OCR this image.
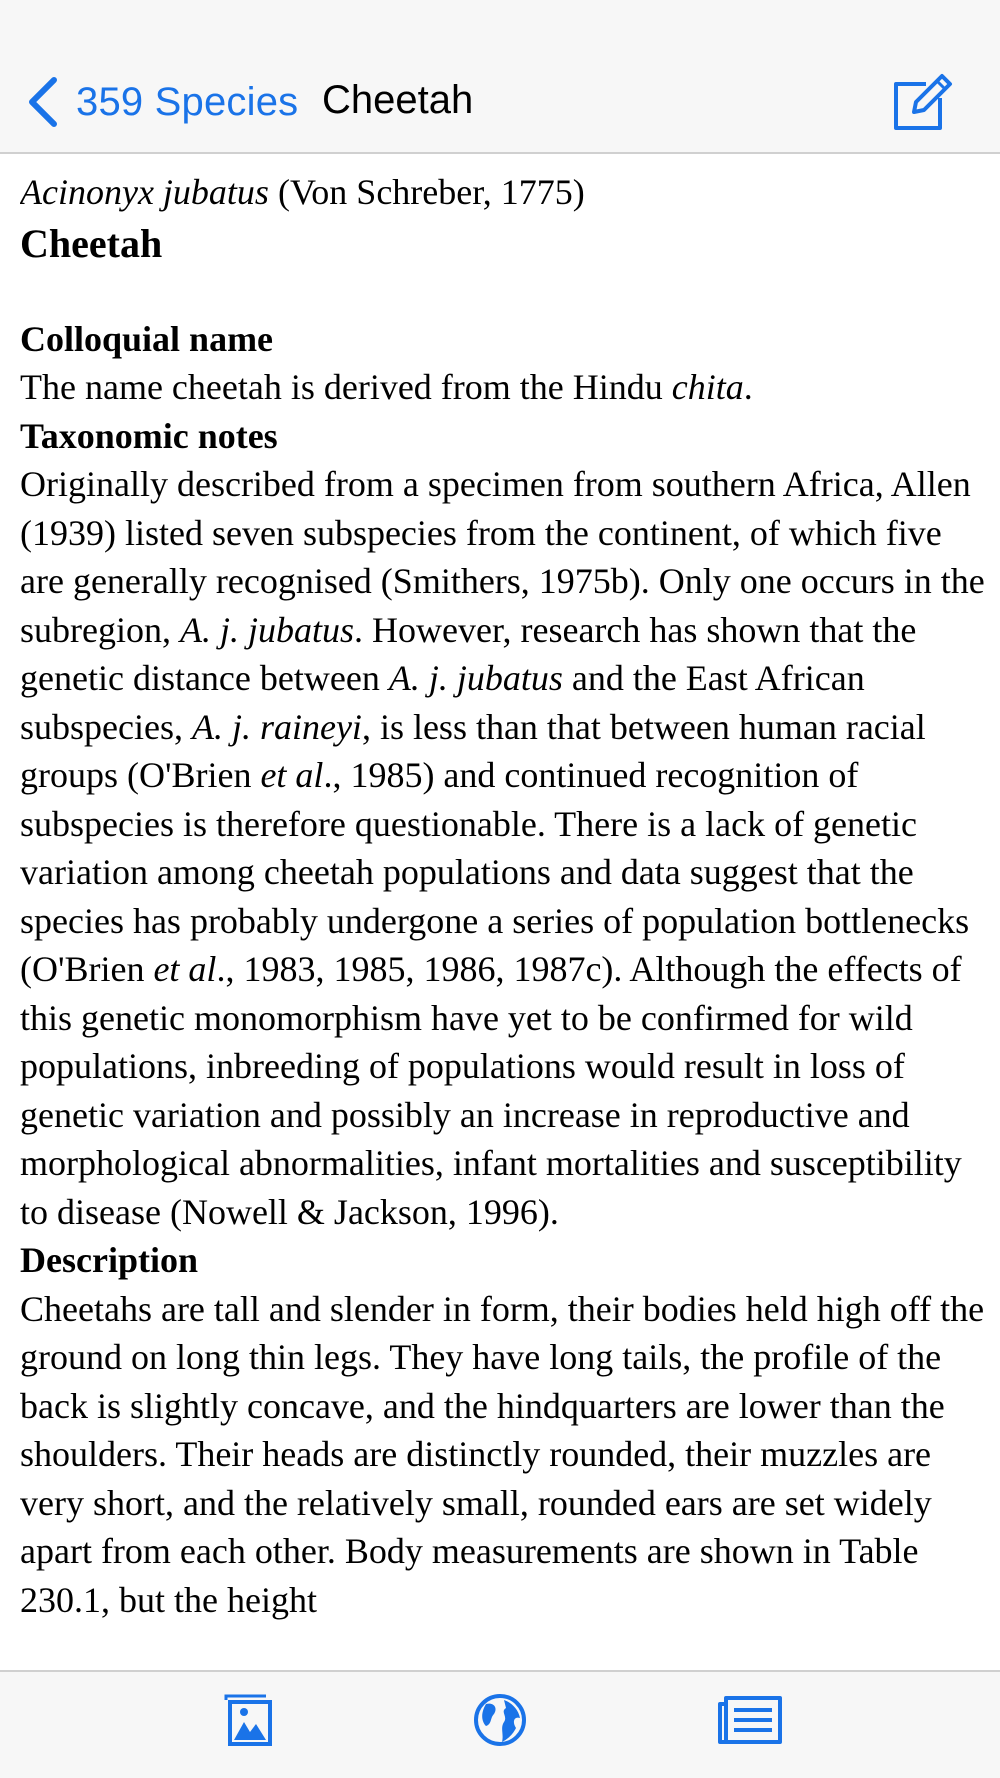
359 Species Cheetah

Acinonyx jubatus (Von Schreber, 1775)

Cheetah

Colloquial name

The name cheetah is derived from the Hindu chita.

Taxonomic notes

Originally described from a specimen from southern Africa, Allen (1939) listed seven subspecies from the continent, of which five are generally recognised (Smithers, 1975b). Only one occurs in the subregion, A. j. jubatus. However, research has shown that the genetic distance between A. j. jubatus and the East African subspecies, A. j. raineyi, is less than that between human racial groups (O'Brien et al., 1985) and continued recognition of subspecies is therefore questionable. There is a lack of genetic variation among cheetah populations and data suggest that the species has probably undergone a series of population bottlenecks (O'Brien et al., 1983, 1985, 1986, 1987c). Although the effects of this genetic monomorphism have yet to be confirmed for wild populations, inbreeding of populations would result in loss of genetic variation and possibly an increase in reproductive and morphological abnormalities, infant mortalities and susceptibility to disease (Nowell & Jackson, 1996).

Description

Cheetahs are tall and slender in form, their bodies held high off the ground on long thin legs. They have long tails, the profile of the back is slightly concave, and the hindquarters are lower than the shoulders. Their heads are distinctly rounded, their muzzles are very short, and the relatively small, rounded ears are set widely apart from each other. Body measurements are shown in Table 230.1, but the height
